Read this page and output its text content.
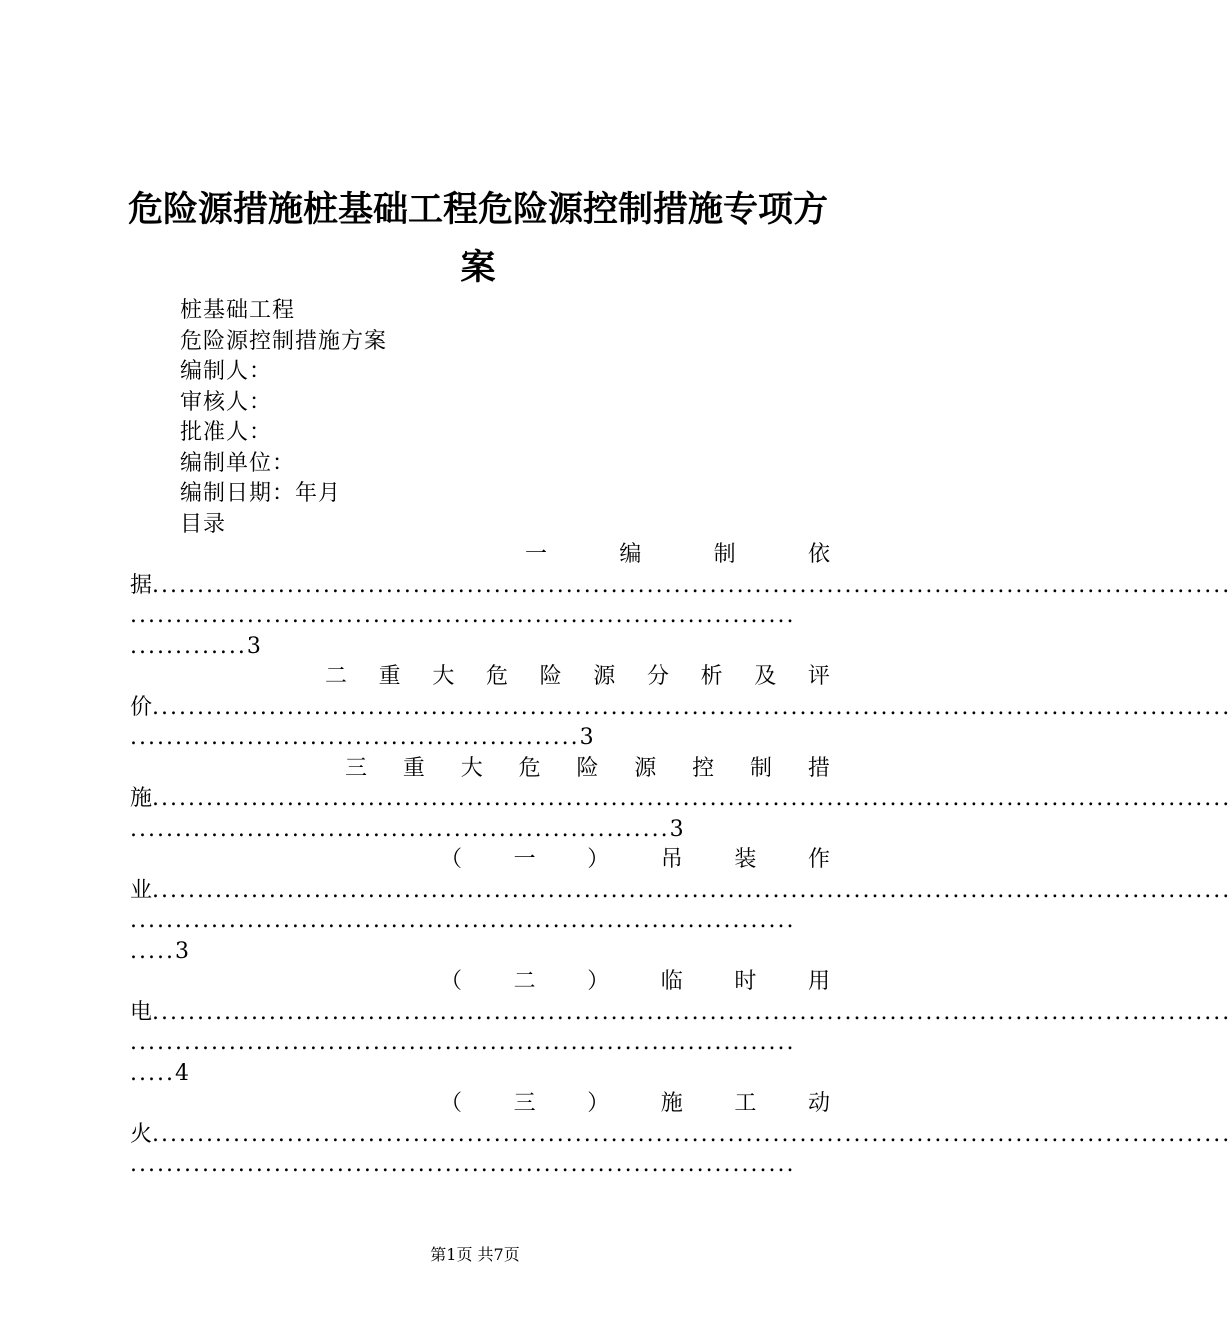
危险源措施桩基础工程危险源控制措施专项方
案
桩基础工程
危险源控制措施方案
编制人：
审核人：
批准人：
编制单位：
编制日期：年月
目录
一	编	制	依
据 ........................................................................................................................
..........................................................................
.............3
二 重 大 危 险 源 分 析 及 评
价 ........................................................................................................................
..................................................3
三 重 大 危 险 源 控 制 措
施 ........................................................................................................................
............................................................3
（ 一 ） 吊 装 作
业 ........................................................................................................................
..........................................................................
.....3
（ 二 ） 临 时 用
电 ........................................................................................................................
..........................................................................
.....4
（ 三 ） 施 工 动
火 ........................................................................................................................
..........................................................................
第1页 共7页
